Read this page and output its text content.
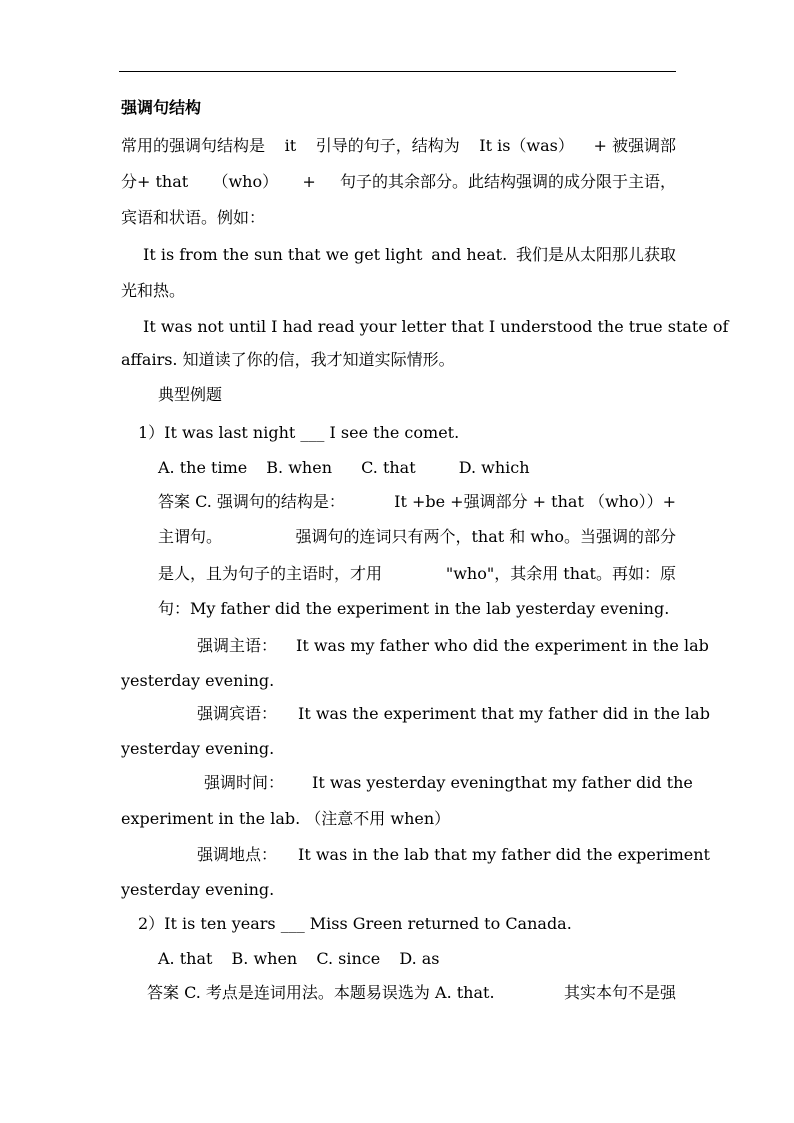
强调句结构
常用的强调句结构是 it 引导的句子，结构为 It is（was） + 被强调部
分+ that （who） + 句子的其余部分。此结构强调的成分限于主语，
宾语和状语。例如：
It is from the sun that we get light and heat. 我们是从太阳那儿获取
光和热。
It was not until I had read your letter that I understood the true state of
affairs. 知道读了你的信，我才知道实际情形。
典型例题
1）It was last night ___ I see the comet.
A. the time B. when C. that	D. which
答案 C. 强调句的结构是：	It +be +强调部分 + that （who））+
主谓句。	强调句的连词只有两个，that 和 who。当强调的部分
是人，且为句子的主语时，才用	"who"，其余用 that。再如：原
句：My father did the experiment in the lab yesterday evening.
强调主语： It was my father who did the experiment in the lab
yesterday evening.
强调宾语： It was the experiment that my father did in the lab
yesterday evening.
强调时间： It was yesterday evening that my father did the
experiment in the lab. （注意不用 when）
强调地点： It was in the lab that my father did the experiment
yesterday evening.
2）It is ten years ___ Miss Green returned to Canada.
A. that B. when C. since D. as
答案 C. 考点是连词用法。本题易误选为 A. that.	其实本句不是强
